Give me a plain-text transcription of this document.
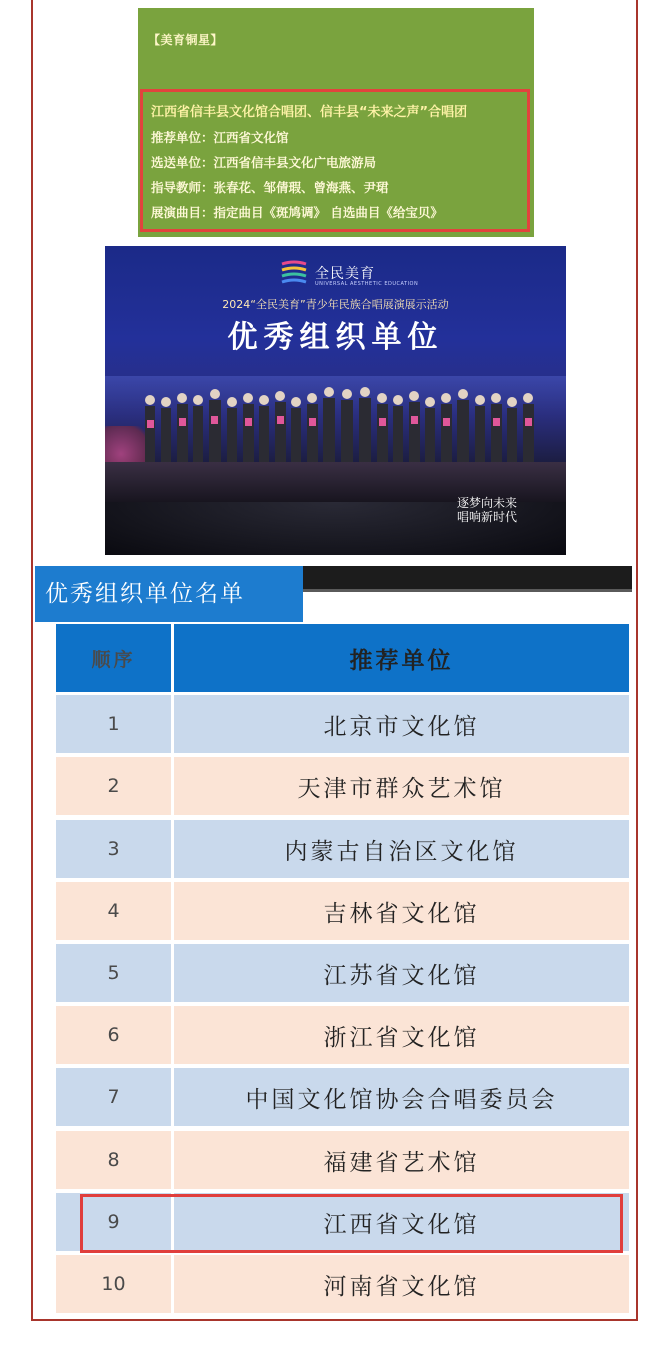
【美育铜星】
江西省信丰县文化馆合唱团、信丰县“未来之声”合唱团
推荐单位：江西省文化馆
选送单位：江西省信丰县文化广电旅游局
指导教师：张春花、邹倩瑕、曾海燕、尹珺
展演曲目：指定曲目《斑鸠调》 自选曲目《给宝贝》
全民美育
UNIVERSAL AESTHETIC EDUCATION
2024“全民美育”青少年民族合唱展演展示活动
优秀组织单位
逐梦向未来
唱响新时代
优秀组织单位名单
顺序	推荐单位
1	北京市文化馆
2	天津市群众艺术馆
3	内蒙古自治区文化馆
4	吉林省文化馆
5	江苏省文化馆
6	浙江省文化馆
7	中国文化馆协会合唱委员会
8	福建省艺术馆
9	江西省文化馆
10	河南省文化馆
